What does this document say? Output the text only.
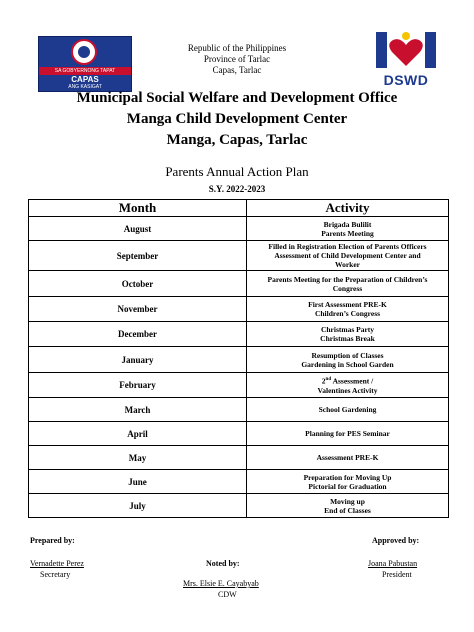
SA GOBYERNONG TAPAT
CAPAS
ANG KASIGAT	DSWD
Republic of the Philippines
Province of Tarlac
Capas, Tarlac
Municipal Social Welfare and Development Office
Manga Child Development Center
Manga, Capas, Tarlac
Parents Annual Action Plan
S.Y. 2022-2023
Month	Activity
August	Brigada Bulilit
Parents Meeting

September	Filled in Registration Election of Parents Officers
Assessment of Child Development Center and
Worker

October	Parents Meeting for the Preparation of Children’s
Congress

November	First Assessment PRE-K
Children’s Congress

December	Christmas Party
Christmas Break

January	Resumption of Classes
Gardening in School Garden

February	2nd Assessment /
Valentines Activity

March	School Gardening

April	Planning for PES Seminar

May	Assessment PRE-K

June	Preparation for Moving Up
Pictorial for Graduation

July	Moving up
End of Classes
Prepared by:	Approved by:
Vernadette Perez
Secretary
Noted by:	Joana Pabustan
President
Mrs. Elsie E. Cayabyab
CDW
